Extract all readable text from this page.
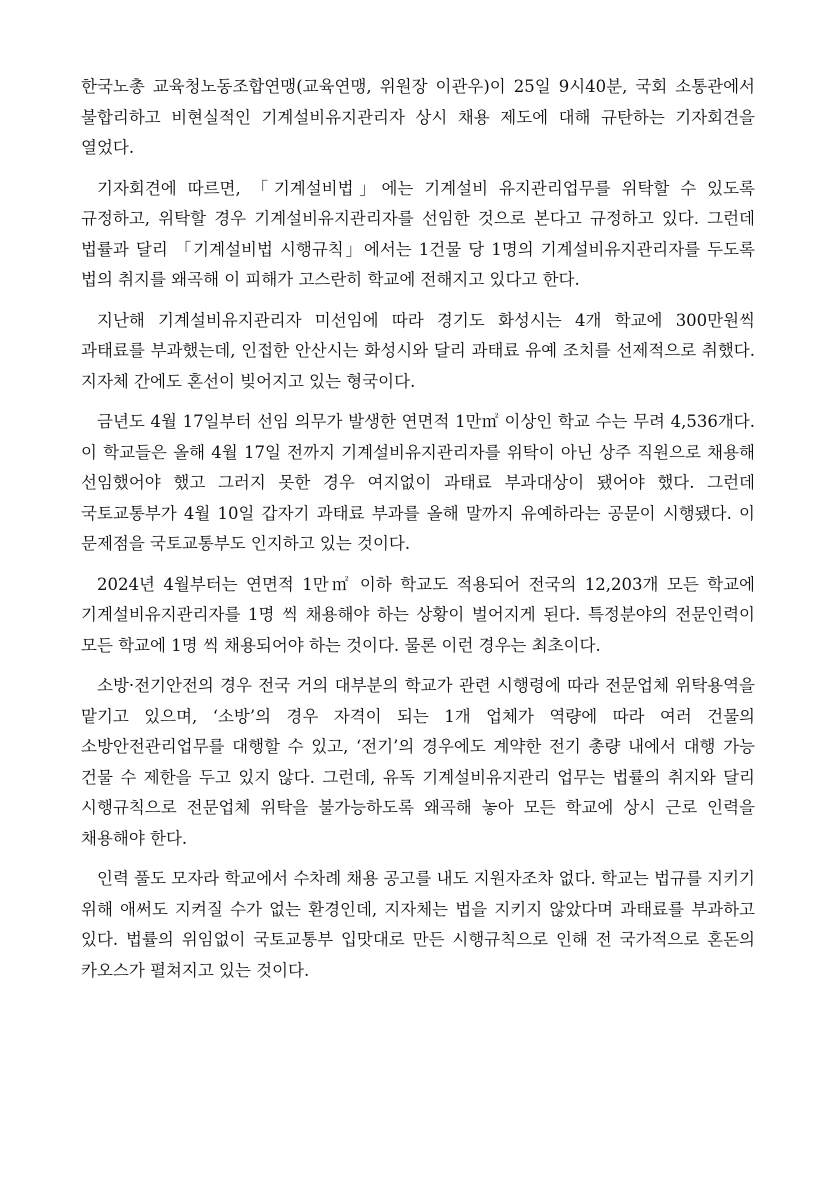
한국노총 교육청노동조합연맹(교육연맹, 위원장 이관우)이 25일 9시40분, 국회 소통관에서 불합리하고 비현실적인 기계설비유지관리자 상시 채용 제도에 대해 규탄하는 기자회견을 열었다.

기자회견에 따르면, 「기계설비법」에는 기계설비 유지관리업무를 위탁할 수 있도록 규정하고, 위탁할 경우 기계설비유지관리자를 선임한 것으로 본다고 규정하고 있다. 그런데 법률과 달리 「기계설비법 시행규칙」에서는 1건물 당 1명의 기계설비유지관리자를 두도록 법의 취지를 왜곡해 이 피해가 고스란히 학교에 전해지고 있다고 한다.

지난해 기계설비유지관리자 미선임에 따라 경기도 화성시는 4개 학교에 300만원씩 과태료를 부과했는데, 인접한 안산시는 화성시와 달리 과태료 유예 조치를 선제적으로 취했다. 지자체 간에도 혼선이 빚어지고 있는 형국이다.

금년도 4월 17일부터 선임 의무가 발생한 연면적 1만㎡ 이상인 학교 수는 무려 4,536개다. 이 학교들은 올해 4월 17일 전까지 기계설비유지관리자를 위탁이 아닌 상주 직원으로 채용해 선임했어야 했고 그러지 못한 경우 여지없이 과태료 부과대상이 됐어야 했다. 그런데 국토교통부가 4월 10일 갑자기 과태료 부과를 올해 말까지 유예하라는 공문이 시행됐다. 이 문제점을 국토교통부도 인지하고 있는 것이다.

2024년 4월부터는 연면적 1만㎡ 이하 학교도 적용되어 전국의 12,203개 모든 학교에 기계설비유지관리자를 1명 씩 채용해야 하는 상황이 벌어지게 된다. 특정분야의 전문인력이 모든 학교에 1명 씩 채용되어야 하는 것이다. 물론 이런 경우는 최초이다.

소방·전기안전의 경우 전국 거의 대부분의 학교가 관련 시행령에 따라 전문업체 위탁용역을 맡기고 있으며, ‘소방’의 경우 자격이 되는 1개 업체가 역량에 따라 여러 건물의 소방안전관리업무를 대행할 수 있고, ‘전기’의 경우에도 계약한 전기 총량 내에서 대행 가능 건물 수 제한을 두고 있지 않다. 그런데, 유독 기계설비유지관리 업무는 법률의 취지와 달리 시행규칙으로 전문업체 위탁을 불가능하도록 왜곡해 놓아 모든 학교에 상시 근로 인력을 채용해야 한다.

인력 풀도 모자라 학교에서 수차례 채용 공고를 내도 지원자조차 없다. 학교는 법규를 지키기 위해 애써도 지켜질 수가 없는 환경인데, 지자체는 법을 지키지 않았다며 과태료를 부과하고 있다. 법률의 위임없이 국토교통부 입맛대로 만든 시행규칙으로 인해 전 국가적으로 혼돈의 카오스가 펼쳐지고 있는 것이다.
